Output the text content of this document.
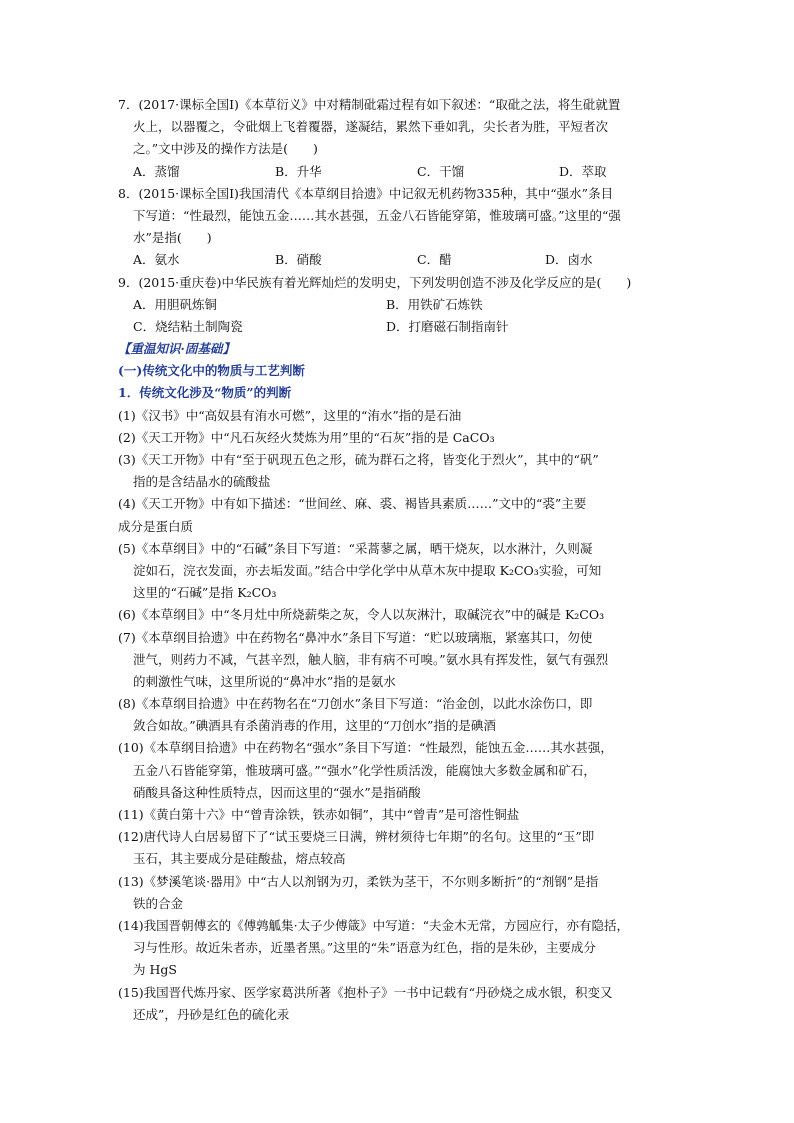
7．(2017·课标全国Ⅰ)《本草衍义》中对精制砒霜过程有如下叙述：“取砒之法，将生砒就置
火上，以器覆之，令砒烟上飞着覆器，遂凝结，累然下垂如乳，尖长者为胜，平短者次
之。”文中涉及的操作方法是(　　)
A．蒸馏	B．升华	C．干馏	D．萃取
8．(2015·课标全国Ⅰ)我国清代《本草纲目拾遗》中记叙无机药物335种，其中“强水”条目
下写道：“性最烈，能蚀五金……其水甚强，五金八石皆能穿第，惟玻璃可盛。”这里的“强
水”是指(　　)
A．氨水	B．硝酸	C．醋	D．卤水
9．(2015·重庆卷)中华民族有着光辉灿烂的发明史，下列发明创造不涉及化学反应的是(　　)
A．用胆矾炼铜	B．用铁矿石炼铁
C．烧结粘土制陶瓷	D．打磨磁石制指南针
【重温知识·固基础】
(一)传统文化中的物质与工艺判断
1．传统文化涉及“物质”的判断
(1)《汉书》中“高奴县有洧水可燃”，这里的“洧水”指的是石油
(2)《天工开物》中“凡石灰经火焚炼为用”里的“石灰”指的是 CaCO₃
(3)《天工开物》中有“至于矾现五色之形，硫为群石之将，皆变化于烈火”，其中的“矾”
指的是含结晶水的硫酸盐
(4)《天工开物》中有如下描述：“世间丝、麻、裘、褐皆具素质……”文中的“裘”主要
成分是蛋白质
(5)《本草纲目》中的“石碱”条目下写道：“采蒿蓼之属，晒干烧灰，以水淋汁，久则凝
淀如石，浣衣发面，亦去垢发面。”结合中学化学中从草木灰中提取 K₂CO₃实验，可知
这里的“石碱”是指 K₂CO₃
(6)《本草纲目》中“冬月灶中所烧薪柴之灰，令人以灰淋汁，取碱浣衣”中的碱是 K₂CO₃
(7)《本草纲目拾遗》中在药物名“鼻冲水”条目下写道：“贮以玻璃瓶，紧塞其口，勿使
泄气，则药力不减，气甚辛烈，触人脑，非有病不可嗅。”氨水具有挥发性，氨气有强烈
的刺激性气味，这里所说的“鼻冲水”指的是氨水
(8)《本草纲目拾遗》中在药物名在“刀创水”条目下写道：“治金创，以此水涂伤口，即
敛合如故。”碘酒具有杀菌消毒的作用，这里的“刀创水”指的是碘酒
(10)《本草纲目拾遗》中在药物名“强水”条目下写道：“性最烈，能蚀五金……其水甚强，
五金八石皆能穿第，惟玻璃可盛。”“强水”化学性质活泼，能腐蚀大多数金属和矿石，
硝酸具备这种性质特点，因而这里的“强水”是指硝酸
(11)《黄白第十六》中“曾青涂铁，铁赤如铜”，其中“曾青”是可溶性铜盐
(12)唐代诗人白居易留下了“试玉要烧三日满，辨材须待七年期”的名句。这里的“玉”即
玉石，其主要成分是硅酸盐，熔点较高
(13)《梦溪笔谈·器用》中“古人以剂钢为刃，柔铁为茎干，不尔则多断折”的“剂钢”是指
铁的合金
(14)我国晋朝傅玄的《傅鹑觚集·太子少傅箴》中写道：“夫金木无常，方园应行，亦有隐括，
习与性形。故近朱者赤，近墨者黑。”这里的“朱”语意为红色，指的是朱砂，主要成分
为 HgS
(15)我国晋代炼丹家、医学家葛洪所著《抱朴子》一书中记载有“丹砂烧之成水银，积变又
还成”，丹砂是红色的硫化汞
